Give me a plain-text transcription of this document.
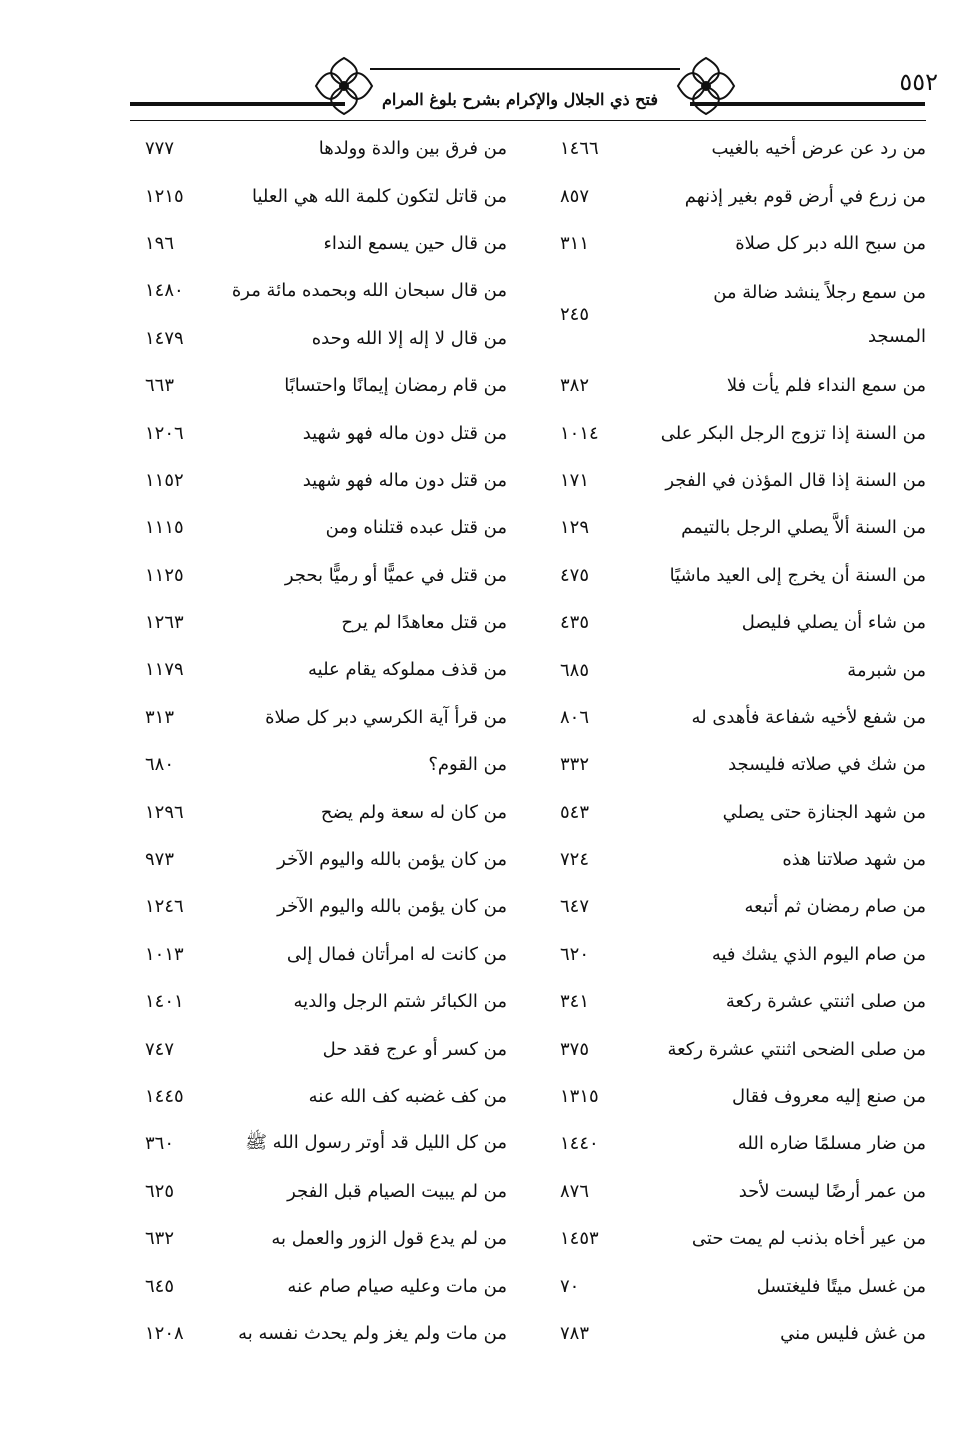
٥٥٢
فتح ذي الجلال والإكرام بشرح بلوغ المرام
من رد عن عرض أخيه بالغيب
١٤٦٦
من زرع في أرض قوم بغير إذنهم
٨٥٧
من سبح الله دبر كل صلاة
٣١١
من سمع رجلاً ينشد ضالة من المسجد
٢٤٥
من سمع النداء فلم يأت فلا
٣٨٢
من السنة إذا تزوج الرجل البكر على
١٠١٤
من السنة إذا قال المؤذن في الفجر
١٧١
من السنة ألاَّ يصلي الرجل بالتيمم
١٢٩
من السنة أن يخرج إلى العيد ماشيًا
٤٧٥
من شاء أن يصلي فليصل
٤٣٥
من شبرمة
٦٨٥
من شفع لأخيه شفاعة فأهدى له
٨٠٦
من شك في صلاته فليسجد
٣٣٢
من شهد الجنازة حتى يصلي
٥٤٣
من شهد صلاتنا هذه
٧٢٤
من صام رمضان ثم أتبعه
٦٤٧
من صام اليوم الذي يشك فيه
٦٢٠
من صلى اثنتي عشرة ركعة
٣٤١
من صلى الضحى اثنتي عشرة ركعة
٣٧٥
من صنع إليه معروف فقال
١٣١٥
من ضار مسلمًا ضاره الله
١٤٤٠
من عمر أرضًا ليست لأحد
٨٧٦
من عير أخاه بذنب لم يمت حتى
١٤٥٣
من غسل ميتًا فليغتسل
٧٠
من غش فليس مني
٧٨٣
من فرق بين والدة وولدها
٧٧٧
من قاتل لتكون كلمة الله هي العليا
١٢١٥
من قال حين يسمع النداء
١٩٦
من قال سبحان الله وبحمده مائة مرة
١٤٨٠
من قال لا إله إلا الله وحده
١٤٧٩
من قام رمضان إيمانًا واحتسابًا
٦٦٣
من قتل دون ماله فهو شهيد
١٢٠٦
من قتل دون ماله فهو شهيد
١١٥٢
من قتل عبده قتلناه ومن
١١١٥
من قتل في عميًّا أو رميًّا بحجر
١١٢٥
من قتل معاهدًا لم يرح
١٢٦٣
من قذف مملوكه يقام عليه
١١٧٩
من قرأ آية الكرسي دبر كل صلاة
٣١٣
من القوم؟
٦٨٠
من كان له سعة ولم يضح
١٢٩٦
من كان يؤمن بالله واليوم الآخر
٩٧٣
من كان يؤمن بالله واليوم الآخر
١٢٤٦
من كانت له امرأتان فمال إلى
١٠١٣
من الكبائر شتم الرجل والديه
١٤٠١
من كسر أو عرج فقد حل
٧٤٧
من كف غضبه كف الله عنه
١٤٤٥
من كل الليل قد أوتر رسول الله ﷺ
٣٦٠
من لم يبيت الصيام قبل الفجر
٦٢٥
من لم يدع قول الزور والعمل به
٦٣٢
من مات وعليه صيام صام عنه
٦٤٥
من مات ولم يغز ولم يحدث نفسه به
١٢٠٨
